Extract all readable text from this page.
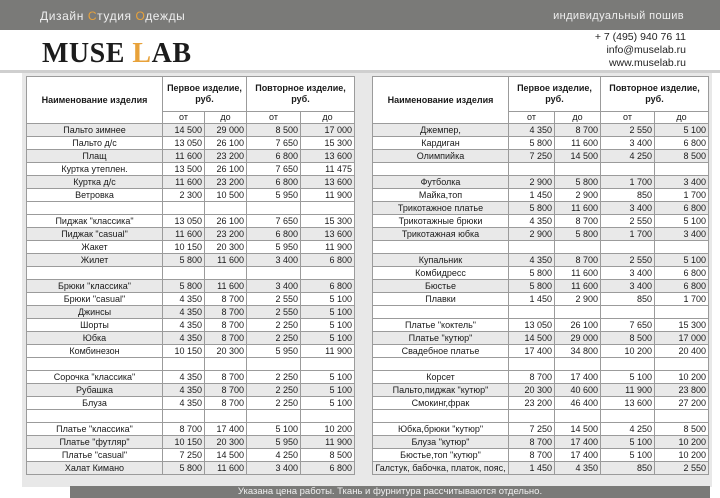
Дизайн Студия Одежды	индивидуальный пошив
MUSE LAB
+ 7 (495) 940 76 11
info@muselab.ru
www.muselab.ru
Наименование изделия	Первое изделие, руб.		Повторное изделие, руб.	
	от	до	от	до
Пальто зимнее	14 500	29 000	8 500	17 000
Пальто д/с	13 050	26 100	7 650	15 300
Плащ	11 600	23 200	6 800	13 600
Куртка утеплен.	13 500	26 100	7 650	11 475
Куртка д/с	11 600	23 200	6 800	13 600
Ветровка	2 300	10 500	5 950	11 900

Пиджак "классика"	13 050	26 100	7 650	15 300
Пиджак "casual"	11 600	23 200	6 800	13 600
Жакет	10 150	20 300	5 950	11 900
Жилет	5 800	11 600	3 400	6 800

Брюки "классика"	5 800	11 600	3 400	6 800
Брюки "casual"	4 350	8 700	2 550	5 100
Джинсы	4 350	8 700	2 550	5 100
Шорты	4 350	8 700	2 250	5 100
Юбка	4 350	8 700	2 250	5 100
Комбинезон	10 150	20 300	5 950	11 900

Сорочка "классика"	4 350	8 700	2 250	5 100
Рубашка	4 350	8 700	2 250	5 100
Блуза	4 350	8 700	2 250	5 100

Платье "классика"	8 700	17 400	5 100	10 200
Платье "футляр"	10 150	20 300	5 950	11 900
Платье "casual"	7 250	14 500	4 250	8 500
Халат Кимано	5 800	11 600	3 400	6 800
Наименование изделия	Первое изделие, руб.		Повторное изделие, руб.	
	от	до	от	до
Джемпер,	4 350	8 700	2 550	5 100
Кардиган	5 800	11 600	3 400	6 800
Олимпийка	7 250	14 500	4 250	8 500

Футболка	2 900	5 800	1 700	3 400
Майка,топ	1 450	2 900	850	1 700
Трикотажное платье	5 800	11 600	3 400	6 800
Трикотажные брюки	4 350	8 700	2 550	5 100
Трикотажная юбка	2 900	5 800	1 700	3 400

Купальник	4 350	8 700	2 550	5 100
Комбидресс	5 800	11 600	3 400	6 800
Бюстье	5 800	11 600	3 400	6 800
Плавки	1 450	2 900	850	1 700

Платье "коктель"	13 050	26 100	7 650	15 300
Платье "кутюр"	14 500	29 000	8 500	17 000
Свадебное платье	17 400	34 800	10 200	20 400

Корсет	8 700	17 400	5 100	10 200
Пальто,пиджак "кутюр"	20 300	40 600	11 900	23 800
Смокинг,фрак	23 200	46 400	13 600	27 200

Юбка,брюки "кутюр"	7 250	14 500	4 250	8 500
Блуза "кутюр"	8 700	17 400	5 100	10 200
Бюстье,топ "кутюр"	8 700	17 400	5 100	10 200
Галстук, бабочка, платок, пояс,	1 450	4 350	850	2 550
Указана цена работы. Ткань и фурнитура рассчитываются отдельно.
